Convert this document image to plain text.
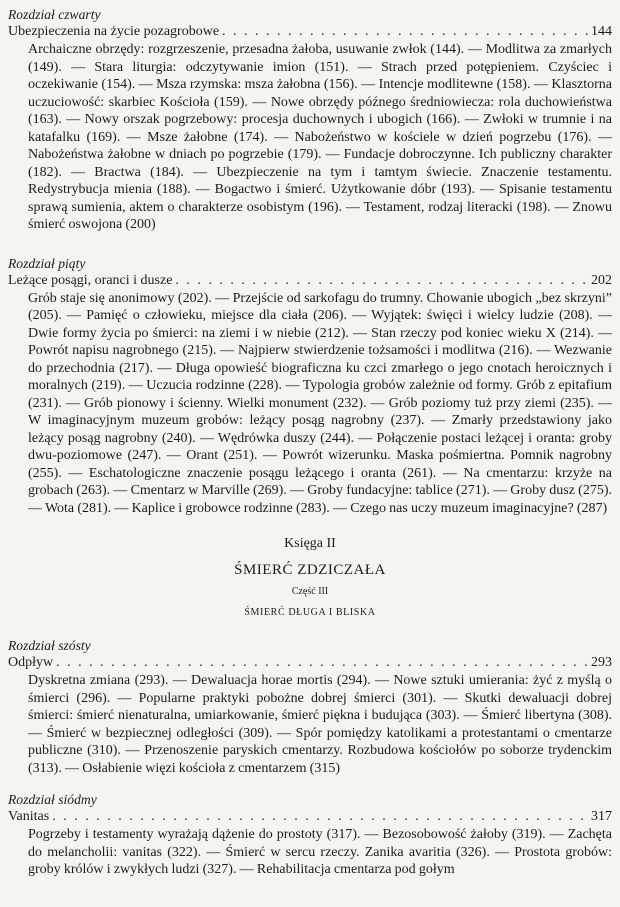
Rozdział czwarty
Ubezpieczenia na życie pozagrobowe . . .	144

Archaiczne obrzędy: rozgrzeszenie, przesadna żałoba, usuwanie zwłok (144). — Modlitwa za zmarłych (149). — Stara liturgia: odczytywanie imion (151). — Strach przed potępieniem. Czyściec i oczekiwanie (154). — Msza rzymska: msza żałobna (156). — Intencje modlitewne (158). — Klasztorna uczuciowość: skarbiec Kościoła (159). — Nowe obrzędy późnego średniowiecza: rola duchowieństwa (163). — Nowy orszak pogrzebowy: procesja duchownych i ubogich (166). — Zwłoki w trumnie i na katafalku (169). — Msze żałobne (174). — Nabożeństwo w kościele w dzień pogrzebu (176). — Nabożeństwa żałobne w dniach po pogrzebie (179). — Fundacje dobroczynne. Ich publiczny charakter (182). — Bractwa (184). — Ubezpieczenie na tym i tamtym świecie. Znaczenie testamentu. Redystrybucja mienia (188). — Bogactwo i śmierć. Użytkowanie dóbr (193). — Spisanie testamentu sprawą sumienia, aktem o charakterze osobistym (196). — Testament, rodzaj literacki (198). — Znowu śmierć oswojona (200)

Rozdział piąty
Leżące posągi, oranci i dusze . . .	202

Grób staje się anonimowy (202). — Przejście od sarkofagu do trumny. Chowanie ubogich „bez skrzyni” (205). — Pamięć o człowieku, miejsce dla ciała (206). — Wyjątek: święci i wielcy ludzie (208). — Dwie formy życia po śmierci: na ziemi i w niebie (212). — Stan rzeczy pod koniec wieku X (214). — Powrót napisu nagrobnego (215). — Najpierw stwierdzenie tożsamości i modlitwa (216). — Wezwanie do przechodnia (217). — Długa opowieść biograficzna ku czci zmarłego o jego cnotach heroicznych i moralnych (219). — Uczucia rodzinne (228). — Typologia grobów zależnie od formy. Grób z epitafium (231). — Grób pionowy i ścienny. Wielki monument (232). — Grób poziomy tuż przy ziemi (235). — W imaginacyjnym muzeum grobów: leżący posąg nagrobny (237). — Zmarły przedstawiony jako leżący posąg nagrobny (240). — Wędrówka duszy (244). — Połączenie postaci leżącej i oranta: groby dwu-poziomowe (247). — Orant (251). — Powrót wizerunku. Maska pośmiertna. Pomnik nagrobny (255). — Eschatologiczne znaczenie posągu leżącego i oranta (261). — Na cmentarzu: krzyże na grobach (263). — Cmentarz w Marville (269). — Groby fundacyjne: tablice (271). — Groby dusz (275). — Wota (281). — Kaplice i grobowce rodzinne (283). — Czego nas uczy muzeum imaginacyjne? (287)

Księga II
ŚMIERĆ ZDZICZAŁA
Część III
ŚMIERĆ DŁUGA I BLISKA
Rozdział szósty
Odpływ . . .	293

Dyskretna zmiana (293). — Dewaluacja horae mortis (294). — Nowe sztuki umierania: żyć z myślą o śmierci (296). — Popularne praktyki pobożne dobrej śmierci (301). — Skutki dewaluacji dobrej śmierci: śmierć nienaturalna, umiarkowanie, śmierć piękna i budująca (303). — Śmierć libertyna (308). — Śmierć w bezpiecznej odległości (309). — Spór pomiędzy katolikami a protestantami o cmentarze publiczne (310). — Przenoszenie paryskich cmentarzy. Rozbudowa kościołów po soborze trydenckim (313). — Osłabienie więzi kościoła z cmentarzem (315)

Rozdział siódmy
Vanitas . . .	317

Pogrzeby i testamenty wyrażają dążenie do prostoty (317). — Bezosobowość żałoby (319). — Zachęta do melancholii: vanitas (322). — Śmierć w sercu rzeczy. Zanika avaritia (326). — Prostota grobów: groby królów i zwykłych ludzi (327). — Rehabilitacja cmentarza pod gołym
